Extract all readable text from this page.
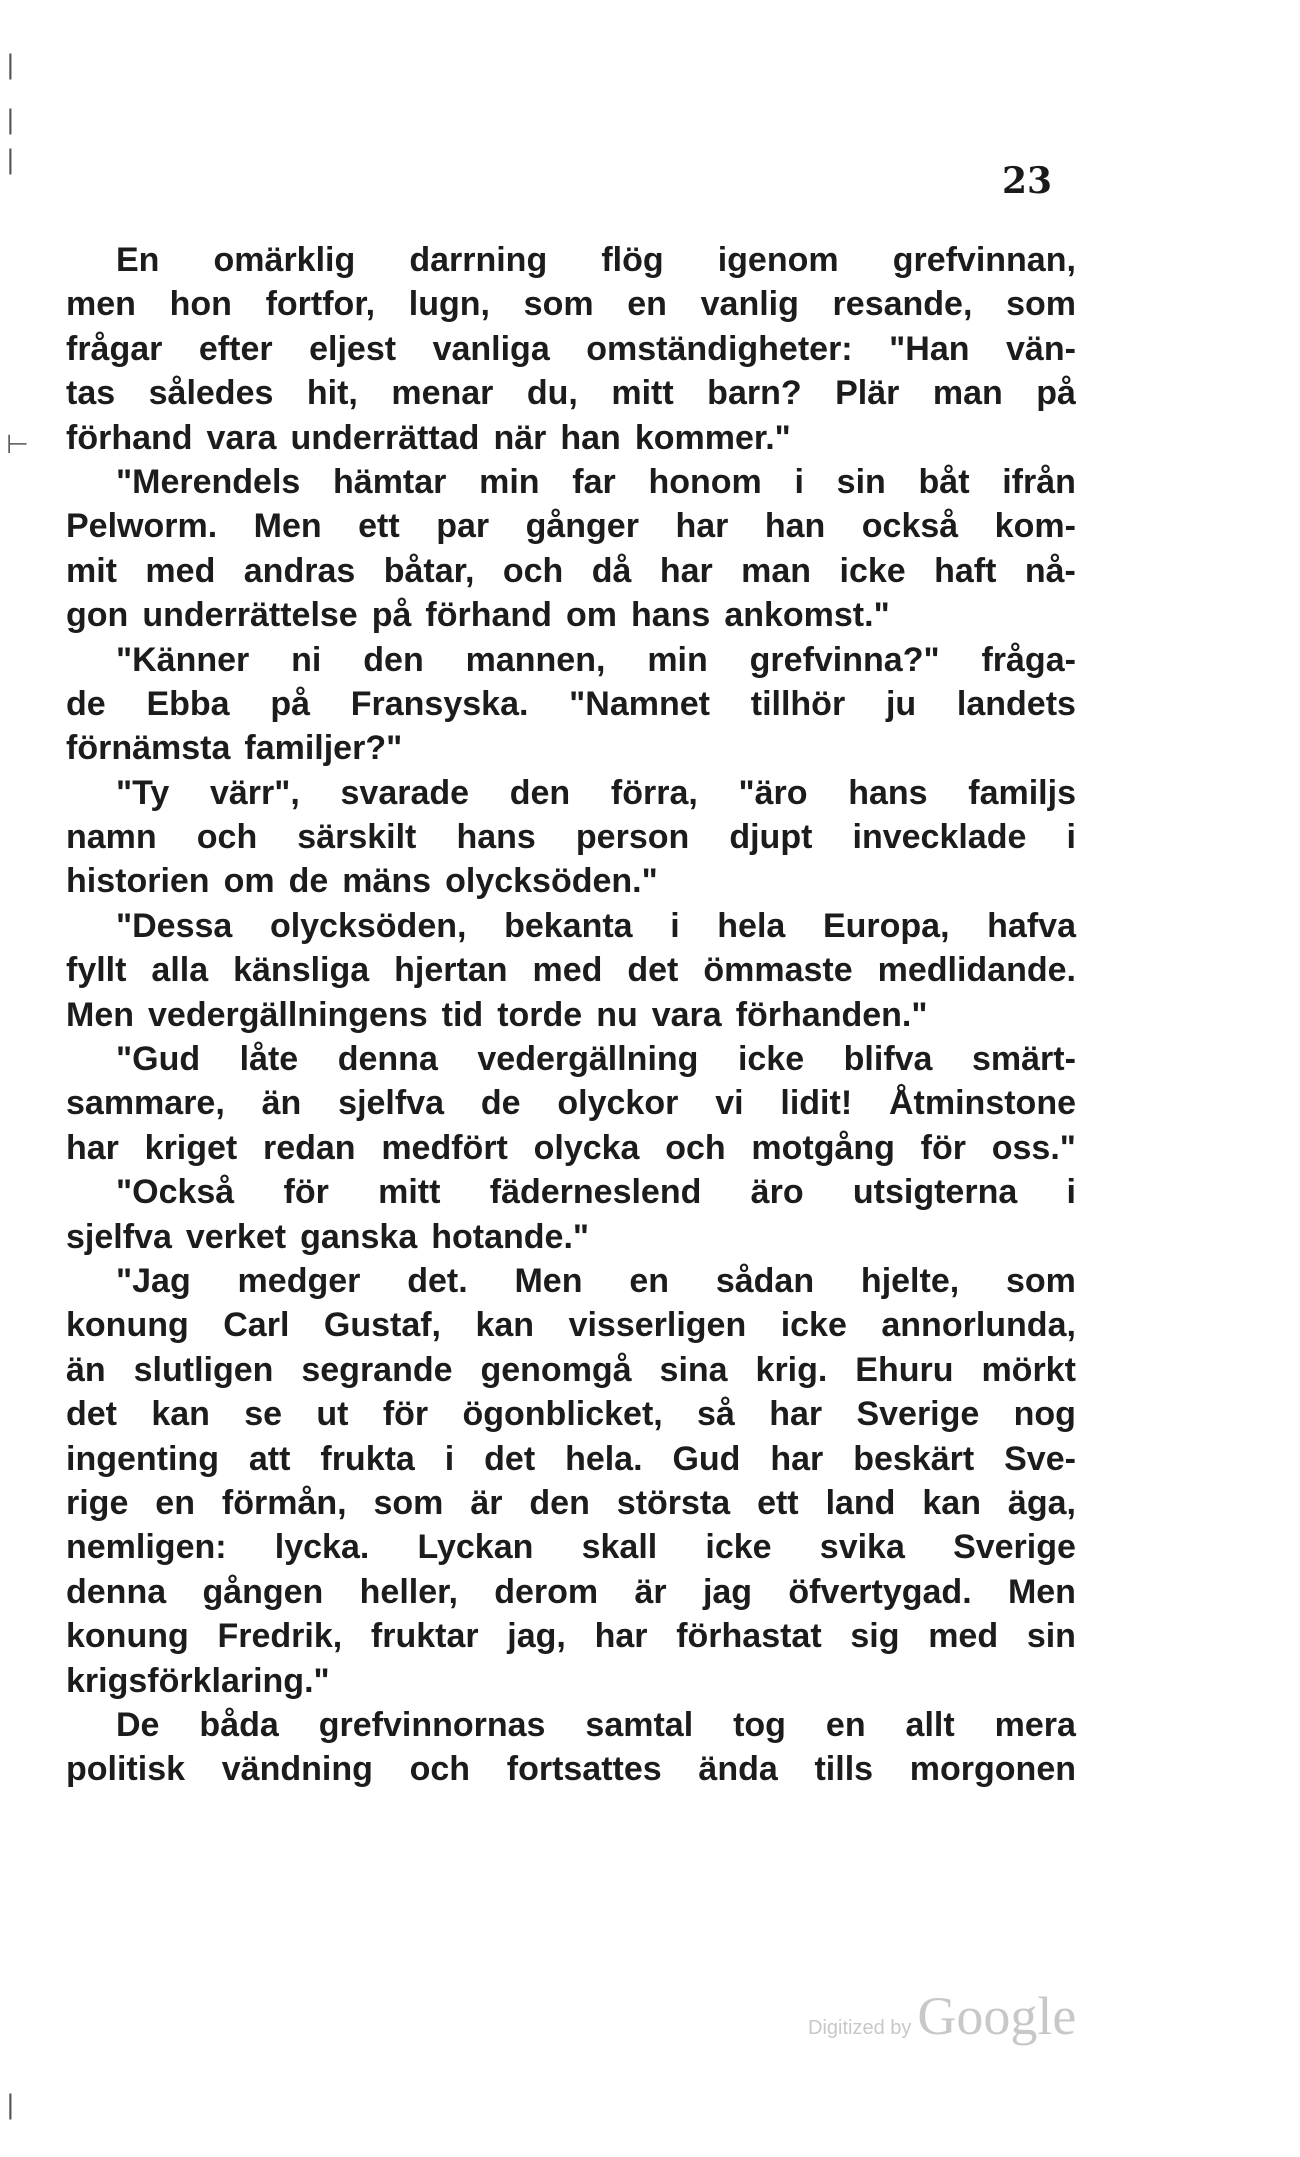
|
|
|
⊢
|
23
En omärklig darrning flög igenom grefvinnan,
men hon fortfor, lugn, som en vanlig resande, som
frågar efter eljest vanliga omständigheter: "Han vän-
tas således hit, menar du, mitt barn? Plär man på
förhand vara underrättad när han kommer."
"Merendels hämtar min far honom i sin båt ifrån
Pelworm. Men ett par gånger har han också kom-
mit med andras båtar, och då har man icke haft nå-
gon underrättelse på förhand om hans ankomst."
"Känner ni den mannen, min grefvinna?" fråga-
de Ebba på Fransyska. "Namnet tillhör ju landets
förnämsta familjer?"
"Ty värr", svarade den förra, "äro hans familjs
namn och särskilt hans person djupt invecklade i
historien om de mäns olycksöden."
"Dessa olycksöden, bekanta i hela Europa, hafva
fyllt alla känsliga hjertan med det ömmaste medlidande.
Men vedergällningens tid torde nu vara förhanden."
"Gud låte denna vedergällning icke blifva smärt-
sammare, än sjelfva de olyckor vi lidit! Åtminstone
har kriget redan medfört olycka och motgång för oss."
"Också för mitt fäderneslend äro utsigterna i
sjelfva verket ganska hotande."
"Jag medger det. Men en sådan hjelte, som
konung Carl Gustaf, kan visserligen icke annorlunda,
än slutligen segrande genomgå sina krig. Ehuru mörkt
det kan se ut för ögonblicket, så har Sverige nog
ingenting att frukta i det hela. Gud har beskärt Sve-
rige en förmån, som är den största ett land kan äga,
nemligen: lycka. Lyckan skall icke svika Sverige
denna gången heller, derom är jag öfvertygad. Men
konung Fredrik, fruktar jag, har förhastat sig med sin
krigsförklaring."
De båda grefvinnornas samtal tog en allt mera
politisk vändning och fortsattes ända tills morgonen
Digitized by Google
